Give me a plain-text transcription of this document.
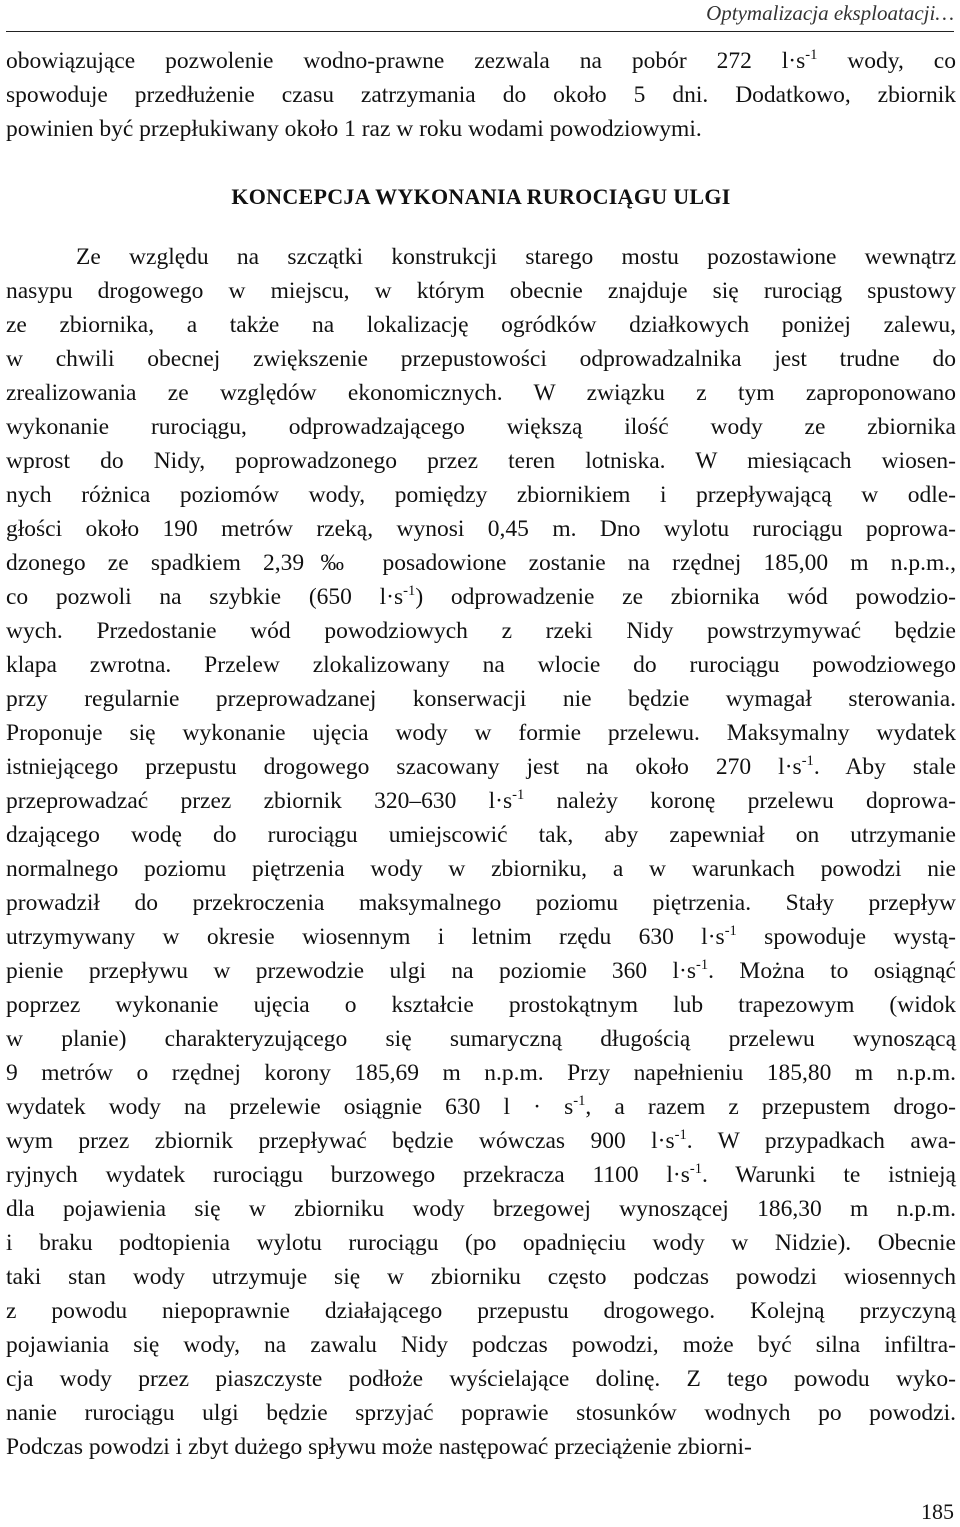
Optymalizacja eksploatacji…
obowiązujące pozwolenie wodno-prawne zezwala na pobór 272 $l\cdot s^{-1}$ wody, co
spowoduje przedłużenie czasu zatrzymania do około 5 dni. Dodatkowo, zbiornik
powinien być przepłukiwany około 1 raz w roku wodami powodziowymi.
KONCEPCJA WYKONANIA RUROCIĄGU ULGI
Ze względu na szczątki konstrukcji starego mostu pozostawione wewnątrz
nasypu drogowego w miejscu, w którym obecnie znajduje się rurociąg spustowy
ze zbiornika, a także na lokalizację ogródków działkowych poniżej zalewu,
w chwili obecnej zwiększenie przepustowości odprowadzalnika jest trudne do
zrealizowania ze względów ekonomicznych. W związku z tym zaproponowano
wykonanie rurociągu, odprowadzającego większą ilość wody ze zbiornika
wprost do Nidy, poprowadzonego przez teren lotniska. W miesiącach wiosen-
nych różnica poziomów wody, pomiędzy zbiornikiem i przepływającą w odle-
głości około 190 metrów rzeką, wynosi 0,45 m. Dno wylotu rurociągu poprowa-
dzonego ze spadkiem 2,39‰ posadowione zostanie na rzędnej 185,00 m n.p.m.,
co pozwoli na szybkie (650 $l\cdot s^{-1}$) odprowadzenie ze zbiornika wód powodzio-
wych. Przedostanie wód powodziowych z rzeki Nidy powstrzymywać będzie
klapa zwrotna. Przelew zlokalizowany na wlocie do rurociągu powodziowego
przy regularnie przeprowadzanej konserwacji nie będzie wymagał sterowania.
Proponuje się wykonanie ujęcia wody w formie przelewu. Maksymalny wydatek
istniejącego przepustu drogowego szacowany jest na około 270 $l\cdot s^{-1}$. Aby stale
przeprowadzać przez zbiornik 320–630 $l\cdot s^{-1}$ należy koronę przelewu doprowa-
dzającego wodę do rurociągu umiejscowić tak, aby zapewniał on utrzymanie
normalnego poziomu piętrzenia wody w zbiorniku, a w warunkach powodzi nie
prowadził do przekroczenia maksymalnego poziomu piętrzenia. Stały przepływ
utrzymywany w okresie wiosennym i letnim rzędu 630 $l\cdot s^{-1}$ spowoduje wystą-
pienie przepływu w przewodzie ulgi na poziomie 360 $l\cdot s^{-1}$. Można to osiągnąć
poprzez wykonanie ujęcia o kształcie prostokątnym lub trapezowym (widok
w planie) charakteryzującego się sumaryczną długością przelewu wynoszącą
9 metrów o rzędnej korony 185,69 m n.p.m. Przy napełnieniu 185,80 m n.p.m.
wydatek wody na przelewie osiągnie 630 $l \cdot s^{-1}$, a razem z przepustem drogo-
wym przez zbiornik przepływać będzie wówczas 900 $l\cdot s^{-1}$. W przypadkach awa-
ryjnych wydatek rurociągu burzowego przekracza 1100 $l\cdot s^{-1}$. Warunki te istnieją
dla pojawienia się w zbiorniku wody brzegowej wynoszącej 186,30 m n.p.m.
i braku podtopienia wylotu rurociągu (po opadnięciu wody w Nidzie). Obecnie
taki stan wody utrzymuje się w zbiorniku często podczas powodzi wiosennych
z powodu niepoprawnie działającego przepustu drogowego. Kolejną przyczyną
pojawiania się wody, na zawalu Nidy podczas powodzi, może być silna infiltra-
cja wody przez piaszczyste podłoże wyścielające dolinę. Z tego powodu wyko-
nanie rurociągu ulgi będzie sprzyjać poprawie stosunków wodnych po powodzi.
Podczas powodzi i zbyt dużego spływu może następować przeciążenie zbiorni-
185
